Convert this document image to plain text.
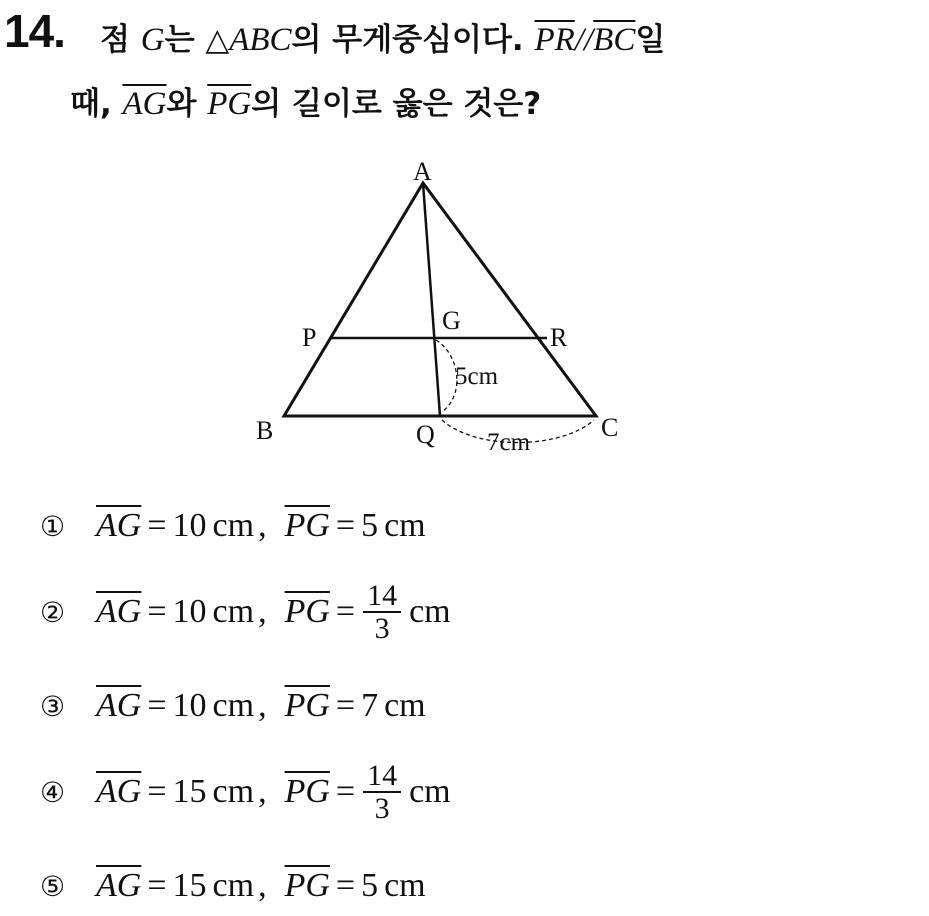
14. 점 G는 △ABC의 무게중심이다. $\overline{PR}//\overline{BC}$일
때, $\overline{AG}$와 $\overline{PG}$의 길이로 옳은 것은?
A
P
G
R
B	Q	C
5cm
7cm
① $\overline{AG} = 10$ cm , $\overline{PG} = 5$ cm
② $\overline{AG} = 10$ cm , $\overline{PG} = \frac{14}{3}$ cm
③ $\overline{AG} = 10$ cm , $\overline{PG} = 7$ cm
④ $\overline{AG} = 15$ cm , $\overline{PG} = \frac{14}{3}$ cm
⑤ $\overline{AG} = 15$ cm , $\overline{PG} = 5$ cm
